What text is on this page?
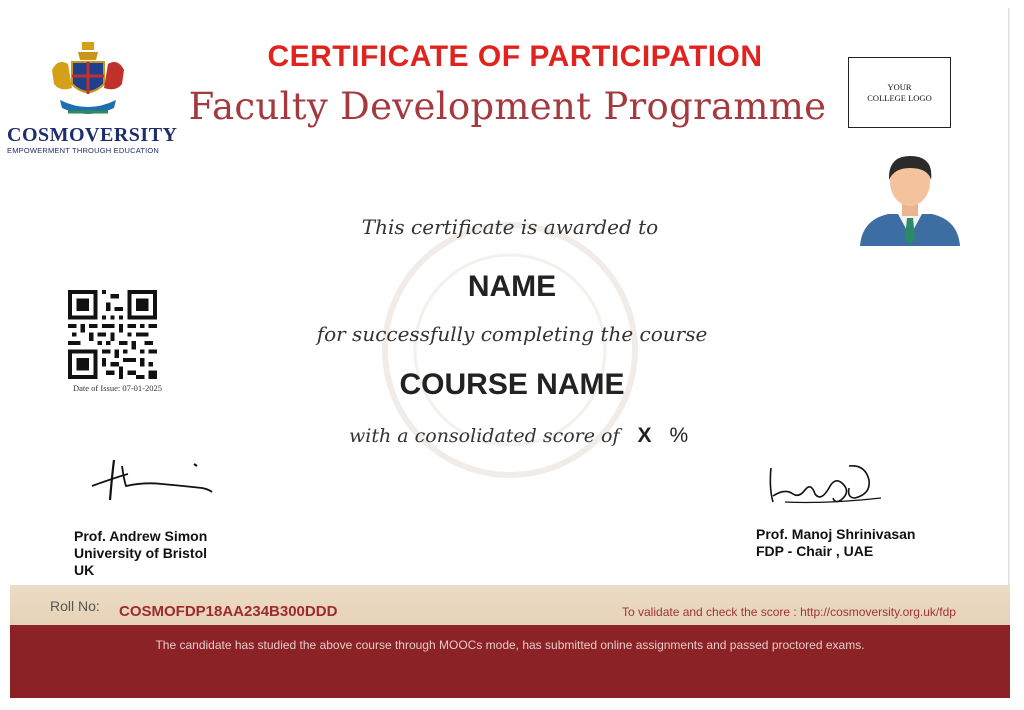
COSMOVERSITY
EMPOWERMENT THROUGH EDUCATION
CERTIFICATE OF PARTICIPATION
Faculty Development Programme	YOUR
COLLEGE LOGO
This certificate is awarded to
NAME
for successfully completing the course
COURSE NAME
with a consolidated score of X %
Date of Issue: 07-01-2025
Prof. Andrew Simon
University of Bristol
UK
Prof. Manoj Shrinivasan
FDP - Chair , UAE
Roll No: COSMOFDP18AA234B300DDD	To validate and check the score : http://cosmoversity.org.uk/fdp
The candidate has studied the above course through MOOCs mode, has submitted online assignments and passed proctored exams.
